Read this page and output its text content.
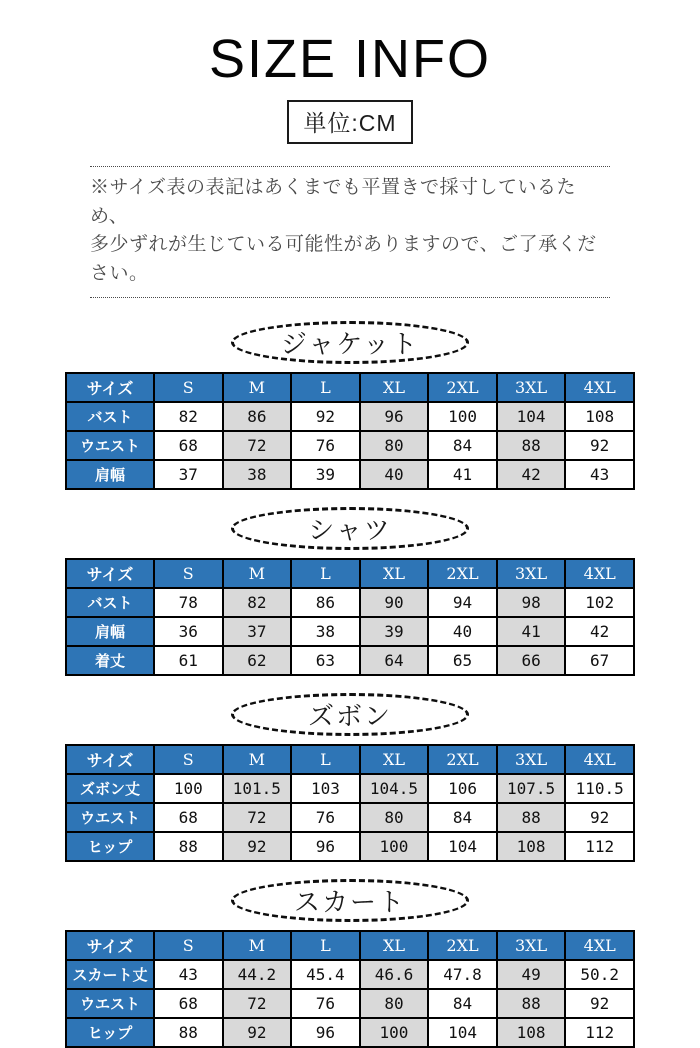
SIZE INFO
単位:CM
※サイズ表の表記はあくまでも平置きで採寸しているため、
多少ずれが生じている可能性がありますので、ご了承ください。
ジャケット
サイズ	S	M	L	XL	2XL	3XL	4XL
バスト	82	86	92	96	100	104	108
ウエスト	68	72	76	80	84	88	92
肩幅	37	38	39	40	41	42	43
シャツ
サイズ	S	M	L	XL	2XL	3XL	4XL
バスト	78	82	86	90	94	98	102
肩幅	36	37	38	39	40	41	42
着丈	61	62	63	64	65	66	67
ズボン
サイズ	S	M	L	XL	2XL	3XL	4XL
ズボン丈	100	101.5	103	104.5	106	107.5	110.5
ウエスト	68	72	76	80	84	88	92
ヒップ	88	92	96	100	104	108	112
スカート
サイズ	S	M	L	XL	2XL	3XL	4XL
スカート丈	43	44.2	45.4	46.6	47.8	49	50.2
ウエスト	68	72	76	80	84	88	92
ヒップ	88	92	96	100	104	108	112
